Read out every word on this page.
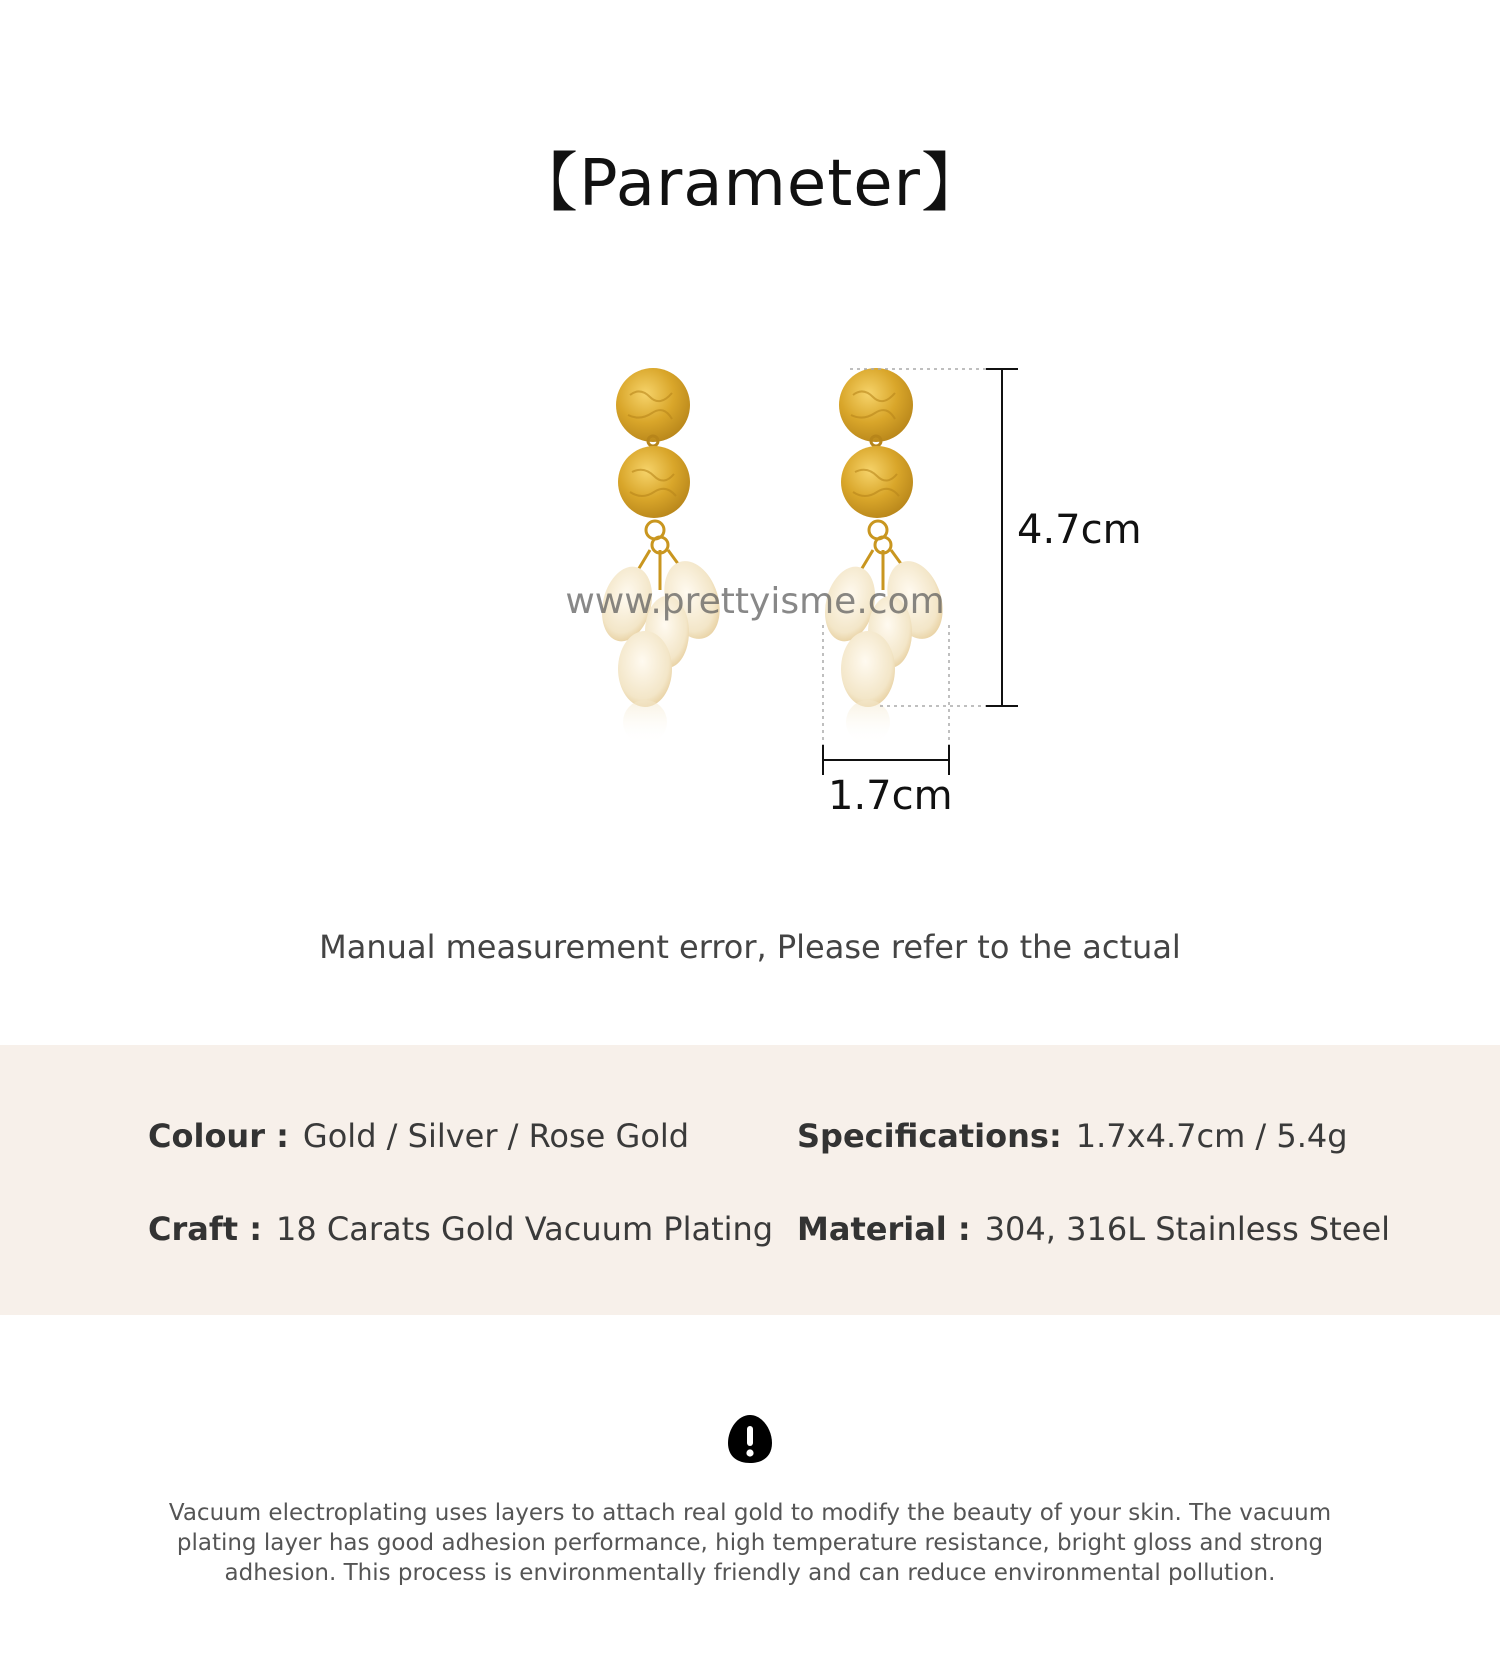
【Parameter】
4.7cm
1.7cm
www.prettyisme.com
Manual measurement error, Please refer to the actual
Colour : Gold / Silver / Rose Gold	Specifications: 1.7x4.7cm / 5.4g
Craft : 18 Carats Gold Vacuum Plating Material : 304, 316L Stainless Steel
Vacuum electroplating uses layers to attach real gold to modify the beauty of your skin. The vacuum plating layer has good adhesion performance, high temperature resistance, bright gloss and strong adhesion. This process is environmentally friendly and can reduce environmental pollution.
